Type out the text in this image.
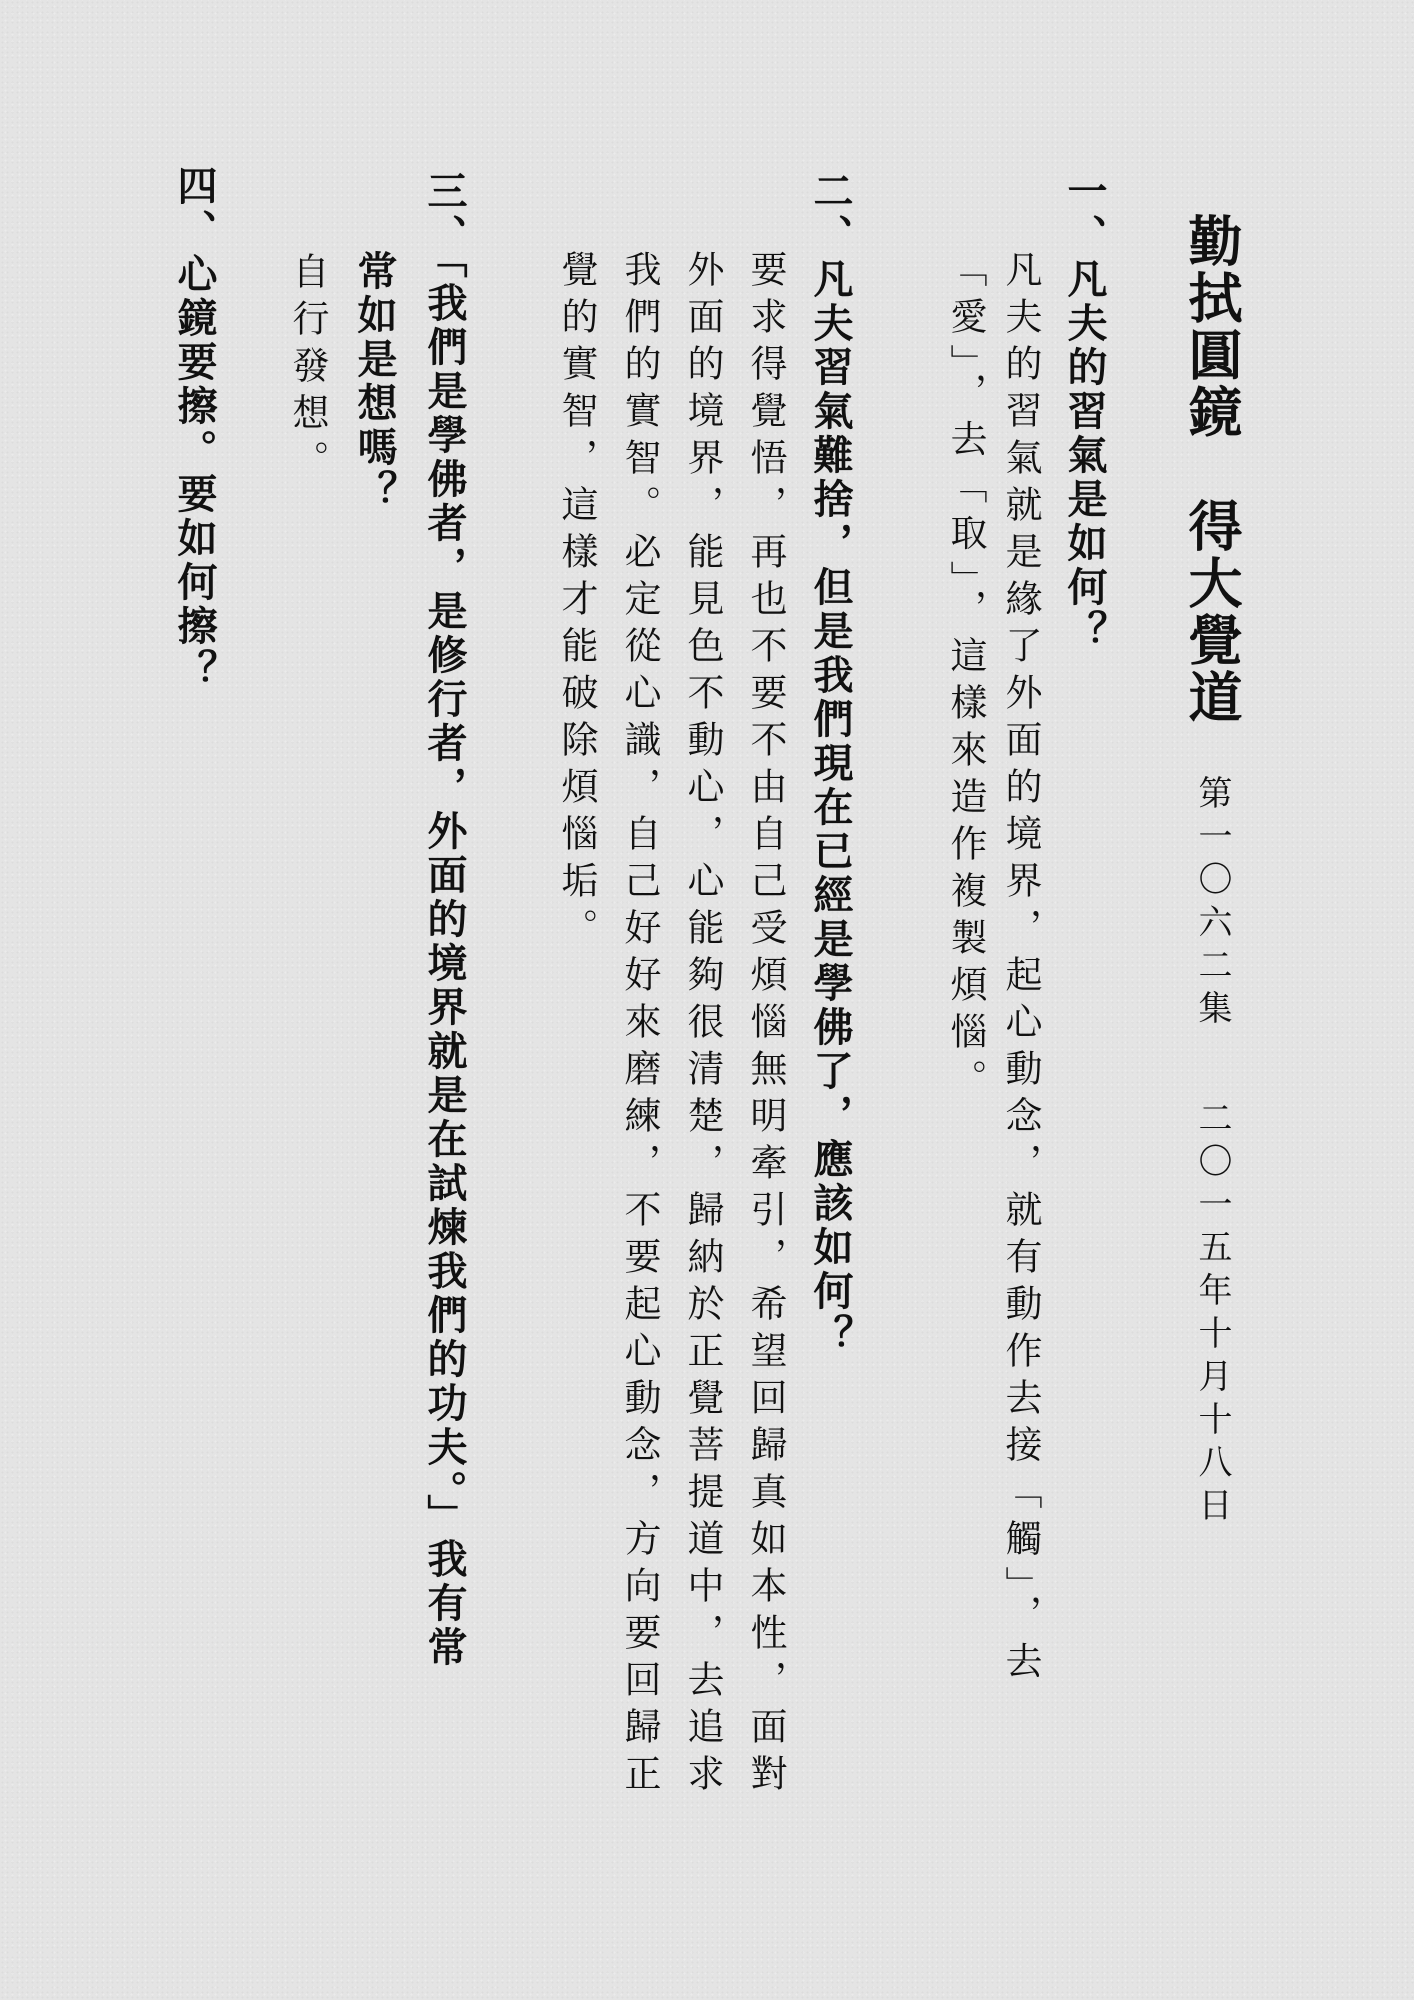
勤拭圓鏡　得大覺道
第一〇六二集
二〇一五年十月十八日
一、凡夫的習氣是如何？
凡夫的習氣就是緣了外面的境界，起心動念，就有動作去接「觸」，去
「愛」，去「取」，這樣來造作複製煩惱。
二、凡夫習氣難捨，但是我們現在已經是學佛了，應該如何？
要求得覺悟，再也不要不由自己受煩惱無明牽引，希望回歸真如本性，面對
外面的境界，能見色不動心，心能夠很清楚，歸納於正覺菩提道中，去追求
我們的實智。必定從心識，自己好好來磨練，不要起心動念，方向要回歸正
覺的實智，這樣才能破除煩惱垢。
三、「我們是學佛者，是修行者，外面的境界就是在試煉我們的功夫。」我有常
常如是想嗎？
自行發想。
四、心鏡要擦。要如何擦？
